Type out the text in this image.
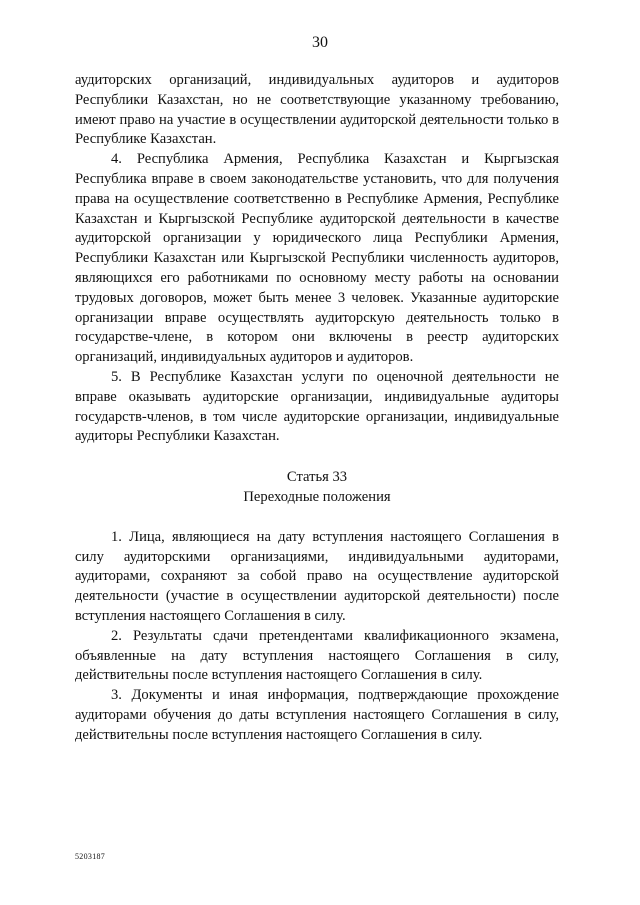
30

аудиторских организаций, индивидуальных аудиторов и аудиторов Республики Казахстан, но не соответствующие указанному требованию, имеют право на участие в осуществлении аудиторской деятельности только в Республике Казахстан.

4. Республика Армения, Республика Казахстан и Кыргызская Республика вправе в своем законодательстве установить, что для получения права на осуществление соответственно в Республике Армения, Республике Казахстан и Кыргызской Республике аудиторской деятельности в качестве аудиторской организации у юридического лица Республики Армения, Республики Казахстан или Кыргызской Республики численность аудиторов, являющихся его работниками по основному месту работы на основании трудовых договоров, может быть менее 3 человек. Указанные аудиторские организации вправе осуществлять аудиторскую деятельность только в государстве-члене, в котором они включены в реестр аудиторских организаций, индивидуальных аудиторов и аудиторов.

5. В Республике Казахстан услуги по оценочной деятельности не вправе оказывать аудиторские организации, индивидуальные аудиторы государств-членов, в том числе аудиторские организации, индивидуальные аудиторы Республики Казахстан.

Статья 33

Переходные положения

1. Лица, являющиеся на дату вступления настоящего Соглашения в силу аудиторскими организациями, индивидуальными аудиторами, аудиторами, сохраняют за собой право на осуществление аудиторской деятельности (участие в осуществлении аудиторской деятельности) после вступления настоящего Соглашения в силу.

2. Результаты сдачи претендентами квалификационного экзамена, объявленные на дату вступления настоящего Соглашения в силу, действительны после вступления настоящего Соглашения в силу.

3. Документы и иная информация, подтверждающие прохождение аудиторами обучения до даты вступления настоящего Соглашения в силу, действительны после вступления настоящего Соглашения в силу.

5203187
